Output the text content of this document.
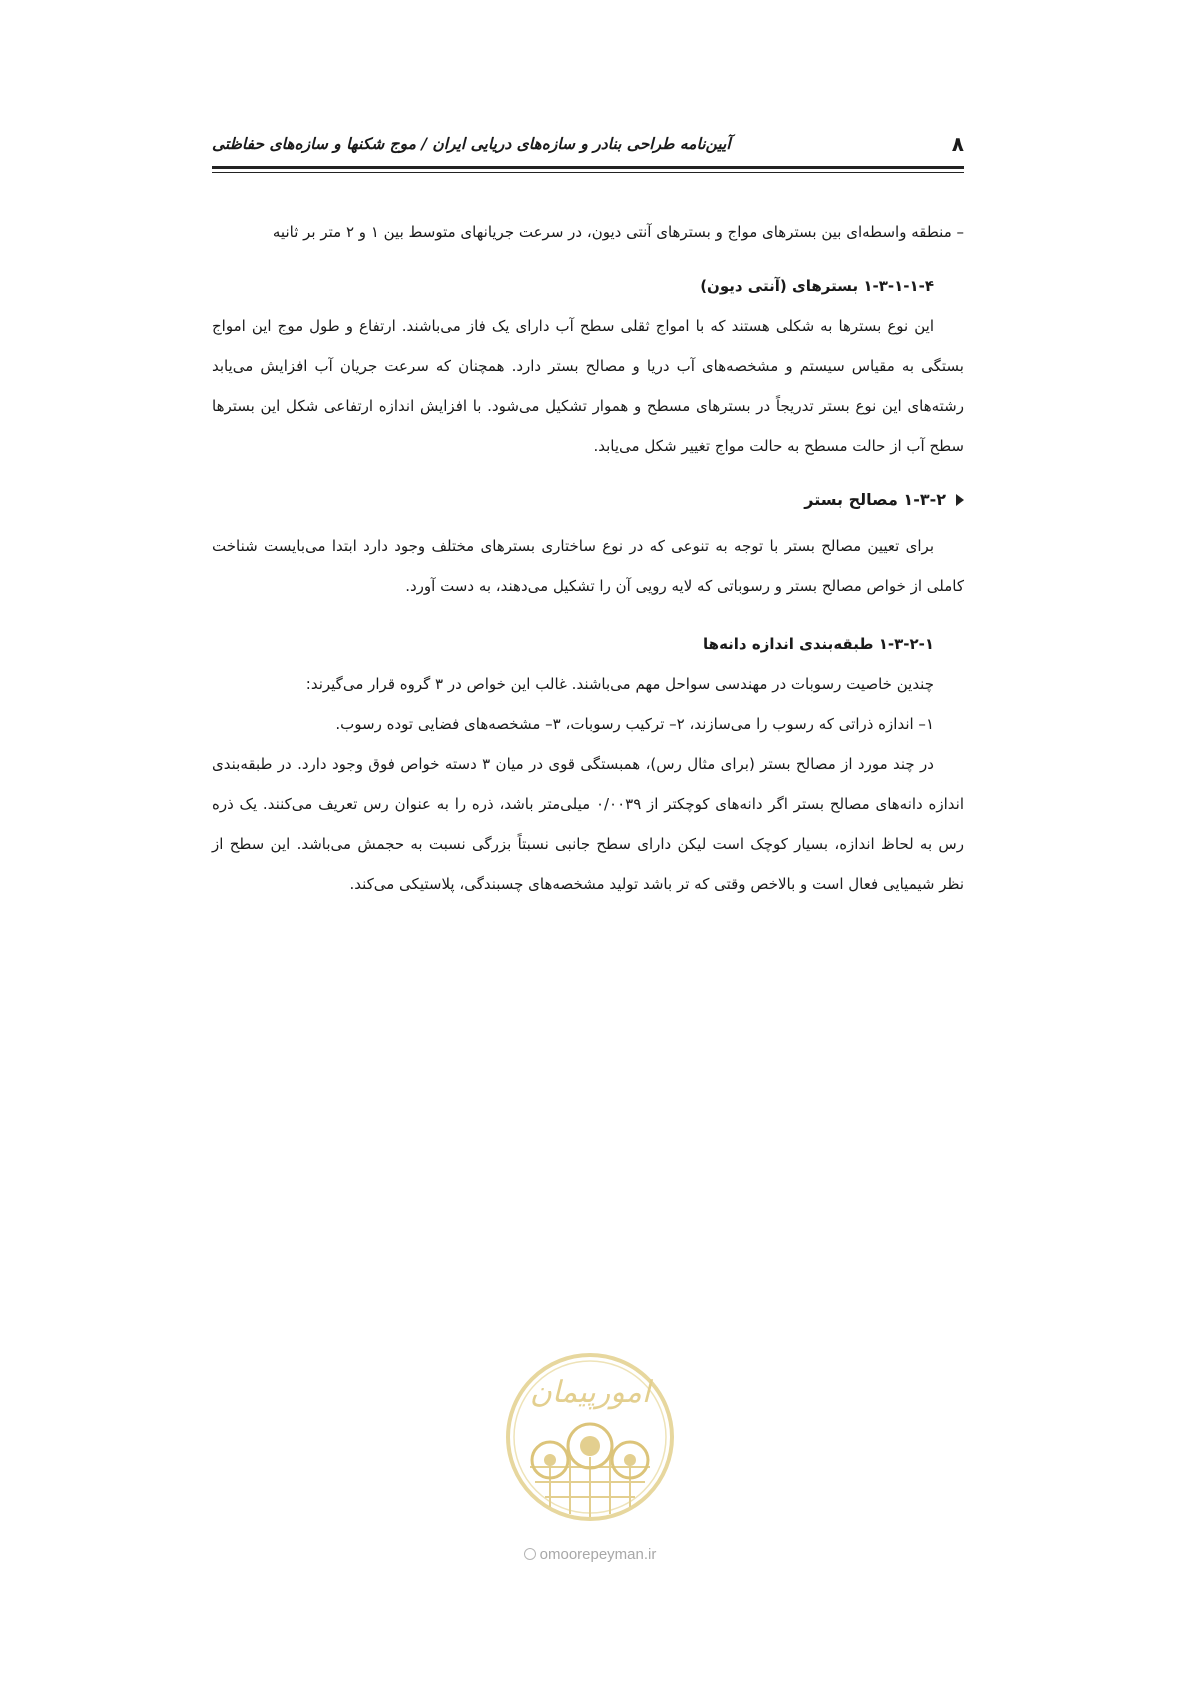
۸
آیین‌نامه طراحی بنادر و سازه‌های دریایی ایران / موج شکنها و سازه‌های حفاظتی

– منطقه واسطه‌ای بین بسترهای مواج و بسترهای آنتی دیون، در سرعت جریانهای متوسط بین ۱ و ۲ متر بر ثانیه

۱-۳-۱-۱-۴ بسترهای (آنتی دیون)

این نوع بسترها به شکلی هستند که با امواج ثقلی سطح آب دارای یک فاز می‌باشند. ارتفاع و طول موج این امواج بستگی به مقیاس سیستم و مشخصه‌های آب دریا و مصالح بستر دارد. همچنان که سرعت جریان آب افزایش می‌یابد رشته‌های این نوع بستر تدریجاً در بسترهای مسطح و هموار تشکیل می‌شود. با افزایش اندازه ارتفاعی شکل این بسترها سطح آب از حالت مسطح به حالت مواج تغییر شکل می‌یابد.

۱-۳-۲ مصالح بستر

برای تعیین مصالح بستر با توجه به تنوعی که در نوع ساختاری بسترهای مختلف وجود دارد ابتدا می‌بایست شناخت کاملی از خواص مصالح بستر و رسوباتی که لایه رویی آن را تشکیل می‌دهند، به دست آورد.

۱-۳-۲-۱ طبقه‌بندی اندازه دانه‌ها

چندین خاصیت رسوبات در مهندسی سواحل مهم می‌باشند. غالب این خواص در ۳ گروه قرار می‌گیرند:

۱– اندازه ذراتی که رسوب را می‌سازند، ۲– ترکیب رسوبات، ۳– مشخصه‌های فضایی توده رسوب.

در چند مورد از مصالح بستر (برای مثال رس)، همبستگی قوی در میان ۳ دسته خواص فوق وجود دارد. در طبقه‌بندی اندازه دانه‌های مصالح بستر اگر دانه‌های کوچکتر از ۰/۰۰۳۹ میلی‌متر باشد، ذره را به عنوان رس تعریف می‌کنند. یک ذره رس به لحاظ اندازه، بسیار کوچک است لیکن دارای سطح جانبی نسبتاً بزرگی نسبت به حجمش می‌باشد. این سطح از نظر شیمیایی فعال است و بالاخص وقتی که تر باشد تولید مشخصه‌های چسبندگی، پلاستیکی می‌کند.

امورپیمان
omoorepeyman.ir
